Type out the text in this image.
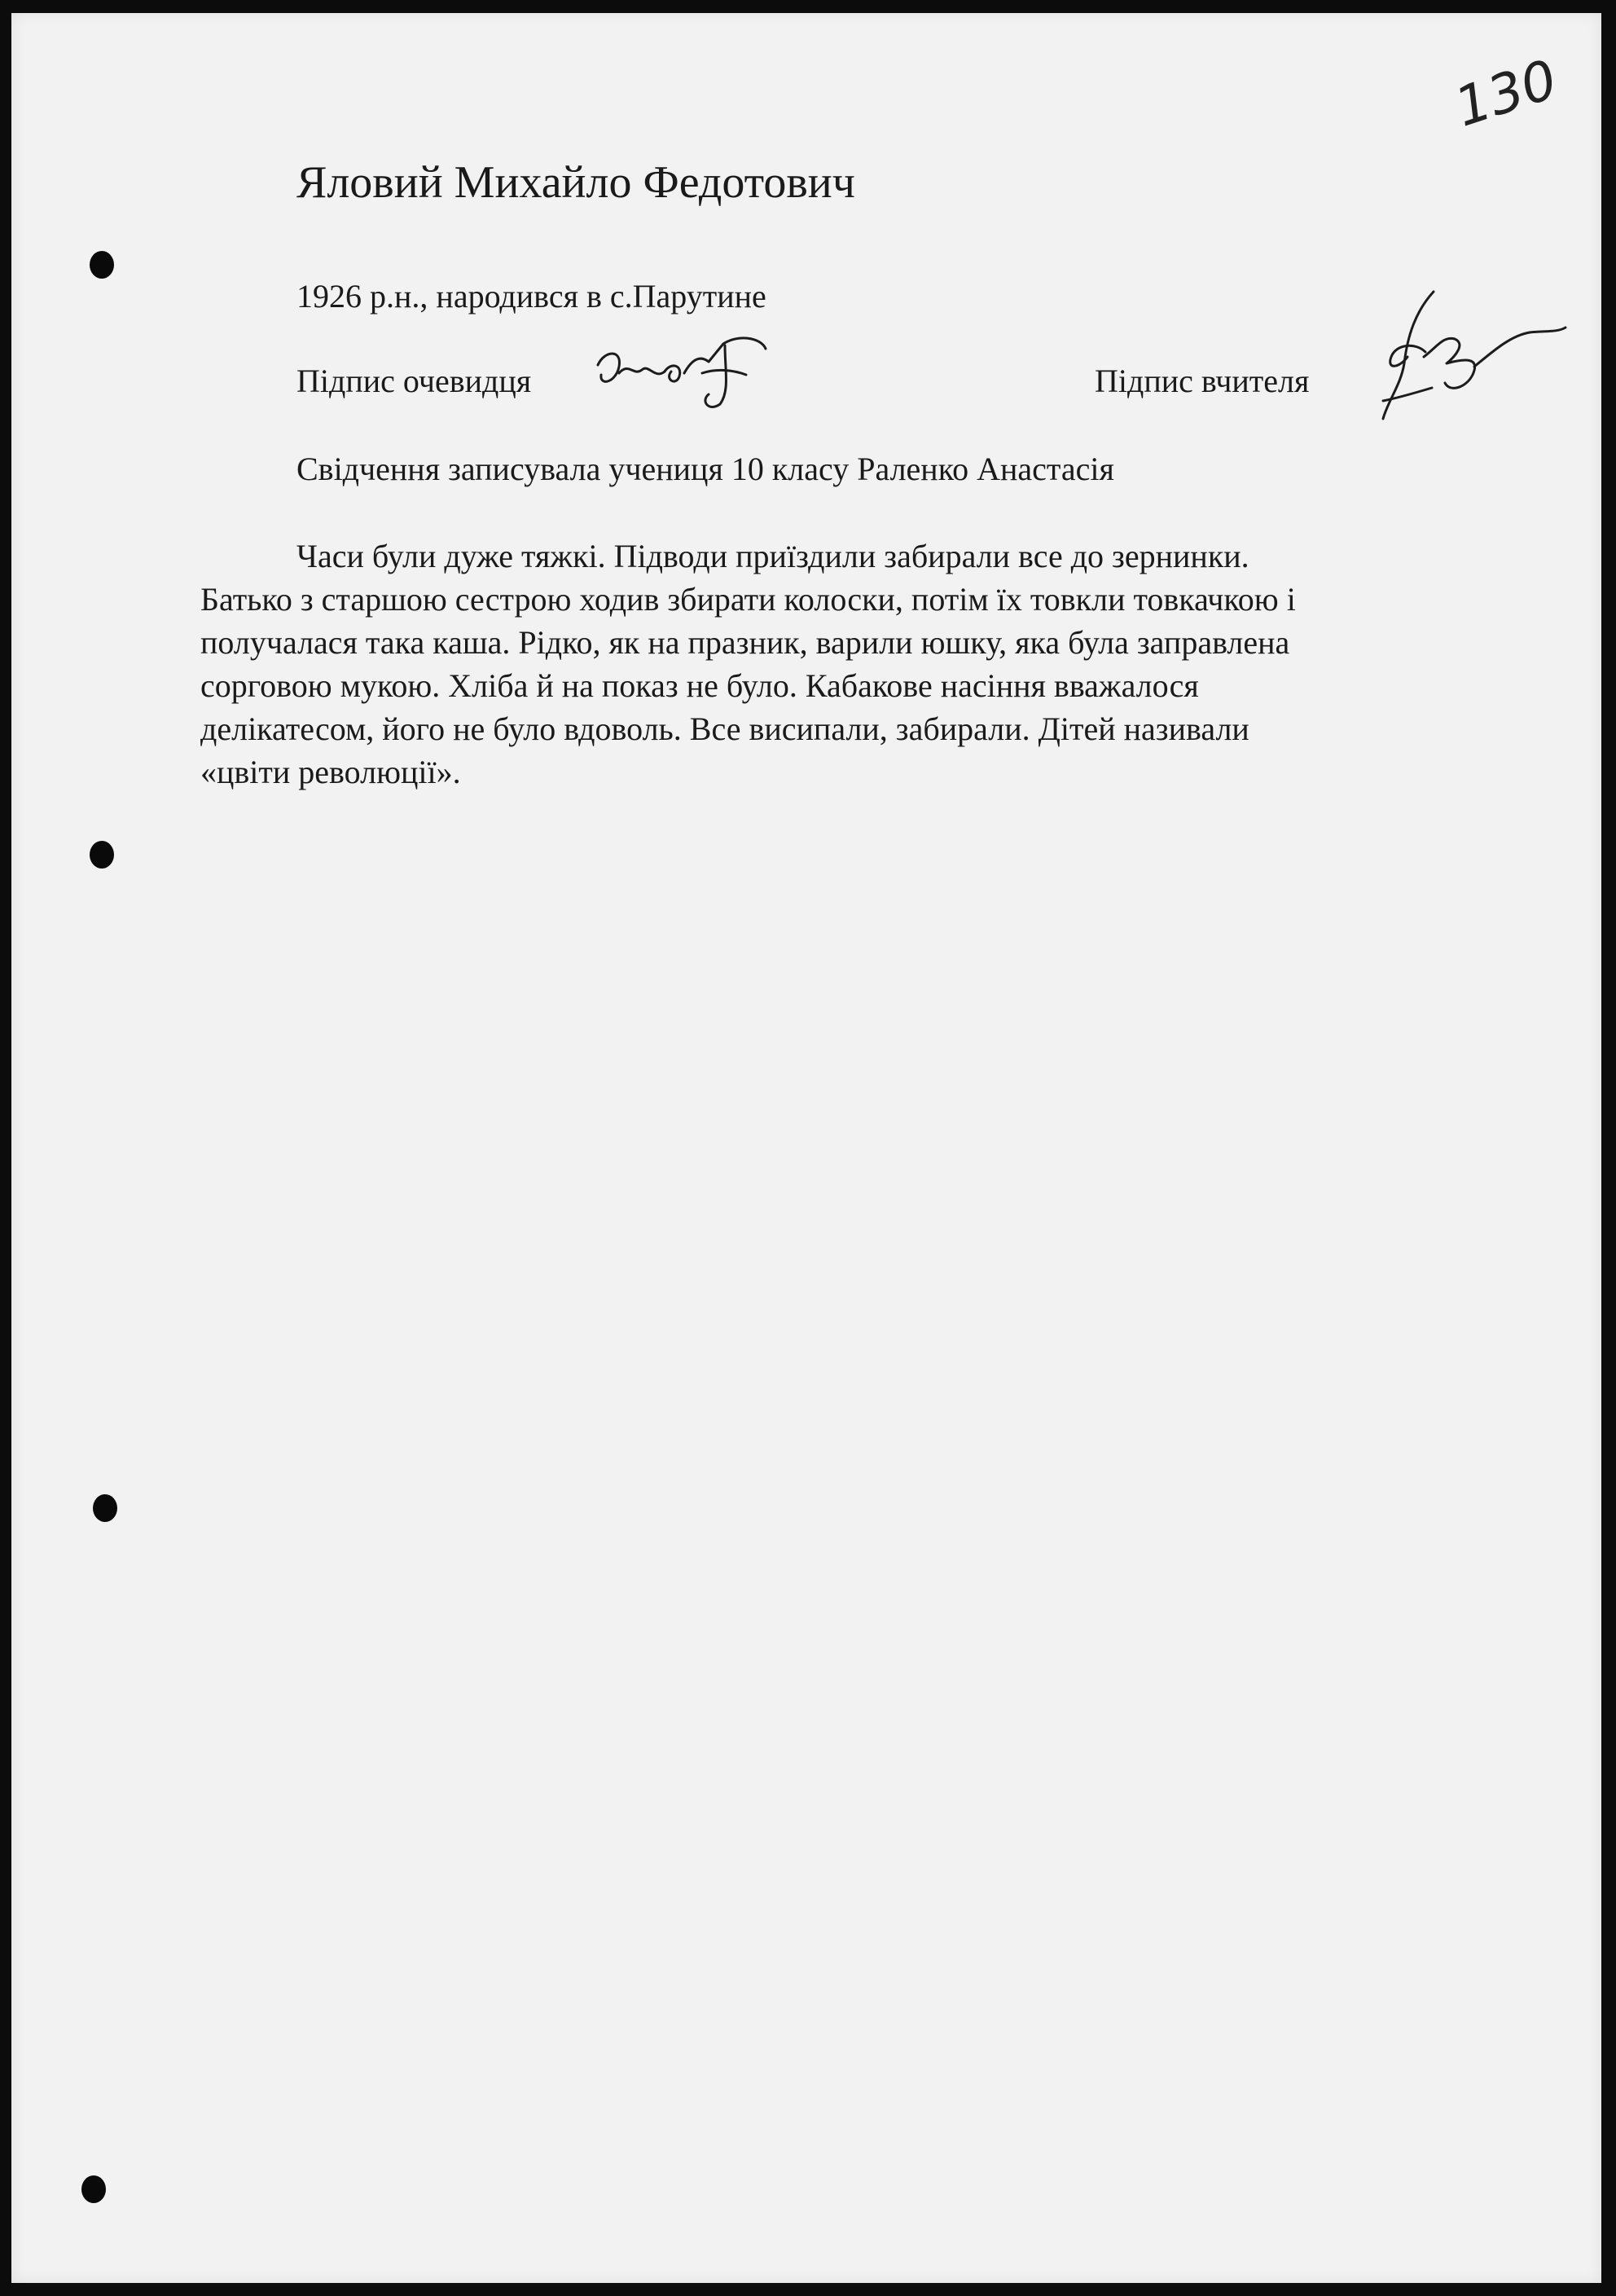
130
Яловий Михайло Федотович
1926 р.н., народився в с.Парутине
Підпис очевидця	Підпис вчителя
Свідчення записувала учениця 10 класу Раленко Анастасія
Часи були дуже тяжкі. Підводи приїздили забирали все до зернинки.
Батько з старшою сестрою ходив збирати колоски, потім їх товкли товкачкою і
получалася така каша. Рідко, як на празник, варили юшку, яка була заправлена
сорговою мукою. Хліба й на показ не було. Кабакове насіння вважалося
делікатесом, його не було вдоволь. Все висипали, забирали. Дітей називали
«цвіти революції».
